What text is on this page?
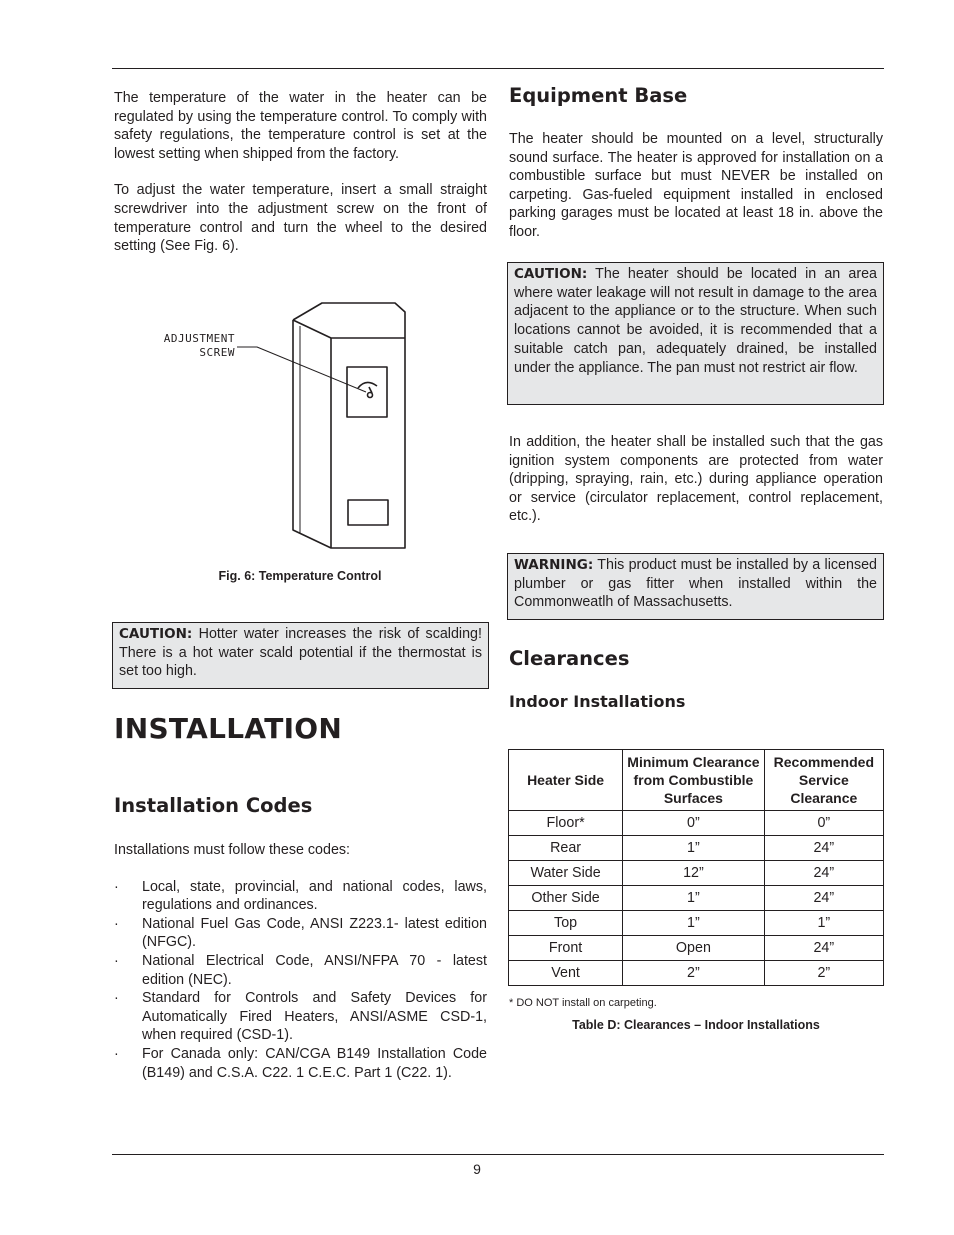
The temperature of the water in the heater can be regulated by using the temperature control. To comply with safety regulations, the temperature control is set at the lowest setting when shipped from the factory.

To adjust the water temperature, insert a small straight screwdriver into the adjustment screw on the front of temperature control and turn the wheel to the desired setting (See Fig. 6).

ADJUSTMENT
SCREW
Fig. 6: Temperature Control

CAUTION: Hotter water increases the risk of scalding! There is a hot water scald potential if the thermostat is set too high.

INSTALLATION
Installation Codes

Installations must follow these codes:

· Local, state, provincial, and national codes, laws, regulations and ordinances.
· National Fuel Gas Code, ANSI Z223.1- latest edition (NFGC).
· National Electrical Code, ANSI/NFPA 70 - latest edition (NEC).
· Standard for Controls and Safety Devices for Automatically Fired Heaters, ANSI/ASME CSD-1, when required (CSD-1).
· For Canada only: CAN/CGA B149 Installation Code (B149) and C.S.A. C22. 1 C.E.C. Part 1 (C22. 1).
Equipment Base

The heater should be mounted on a level, structurally sound surface. The heater is approved for installation on a combustible surface but must NEVER be installed on carpeting. Gas-fueled equipment installed in enclosed parking garages must be located at least 18 in. above the floor.

CAUTION: The heater should be located in an area where water leakage will not result in damage to the area adjacent to the appliance or to the structure. When such locations cannot be avoided, it is recommended that a suitable catch pan, adequately drained, be installed under the appliance. The pan must not restrict air flow.

In addition, the heater shall be installed such that the gas ignition system components are protected from water (dripping, spraying, rain, etc.) during appliance operation or service (circulator replacement, control replacement, etc.).

WARNING: This product must be installed by a licensed plumber or gas fitter when installed within the Commonweatlh of Massachusetts.

Clearances
Indoor Installations
Heater Side	Minimum Clearance from Combustible Surfaces	Recommended Service Clearance
Floor*	0”	0”
Rear	1”	24”
Water Side	12”	24”
Other Side	1”	24”
Top	1”	1”
Front	Open	24”
Vent	2”	2”
* DO NOT install on carpeting.
Table D: Clearances – Indoor Installations
9
